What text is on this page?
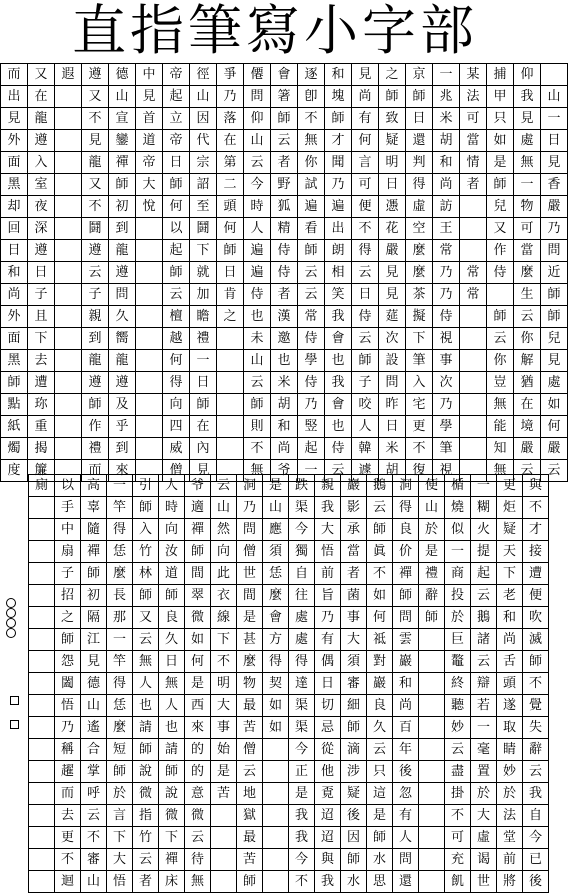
直指筆寫小字部
而	又	遐	遵	德	中	帝	徑	爭	僊	會	逐	和	見	之	京	一	某	捕	仰	
出	在		又	山	見	起	山	乃	問	箸	卽	塊	尚	師	師	兆	法	甲	我	山
見	龍		不	宣	首	立	因	落	仰	師	不	師	有	致	日	米	可	只	見	一
外	遵		見	鑾	道	帝	代	在	山	云	無	才	何	疑	還	胡	當	如	處	日
面	入		龍	禪	帝	日	宗	第	云	者	你	聞	言	明	判	和	情	是	無	見
黑	室		又	師	大	師	詔	二	今	野	試	乃	可	日	得	尚	者	師	一	香
却	夜		不	初	悅	何	至	頭	時	狐	遍	遍	便	慿	虛	訪		兒	物	嚴
回	深		鬪	到		以	鬪	何	人	精	看	出	不	花	空	王		又	可	乃
日	遵		遵	龍		起	下	師	遍	侍	師	朗	得	嚴	麼	常		作	當	問
和	日		云	遵		師	就	日	遍	侍	云	相	云	見	麼	乃	常	侍	麼	近
尚	子		子	問		云	加	肯	侍	者	云	笑	日	見	茶	乃	常		生	師
外	且		親	久		檀	瞻	之	也	漢	常	我	侍	莚	擬	侍		師	云	師
面	下		到	嚮		越	禮		未	邀	侍	會	云	次	下	視		云	你	兒
黑	去		龍	龍		何	一		山	也	學	也	師	設	筆	事		你	解	見
師	遭		遵	遵		得	日		云	米	侍	我	子	問	入	次		豈	猶	處
點	珎		師	及		向	師		師	胡	乃	會	咬	昨	宅	乃		無	在	如
紙	重		作	乎		四	在		則	和	竪	也	人	日	更	學		能	境	何
燭	揭		禮	到		威	內		不	尚	起	侍	韓	米	不	筆		知	嚴	嚴
度	簾		而	來		僧	見		無	爷	一	云	遽	胡	復	視		無	云	云
廁	以	高	一	引	人	爷	云	洞	是	跌	親	巖	鵝	洞	便	楯	一	更	與
	手	辜	竿	師	時	適	山	乃	山	渠	我	影	云	得	山	燒	糊	炬	不
	中	隨	得	入	向	禪	然	問	應	今	大	承	師	良	於	似	火	疑	才
	扇	禪	恁	竹	汝	師	向	僧	須	獨	悟	當	眞	价	是	一	提	天	接
	子	師	麼	林	道	間	此	世	恁	自	前	者	不	禪	禮	商	起	下	遭
	招	初	長	師	師	翠	衣	間	麼	往	旨	菌	如	師	辭	投	云	老	便
	之	隔	那	又	良	微	線	是	會	處	乃	事	何	問	師	於	鵝	和	吹
	師	江	一	云	久	如	下	甚	方	處	有	大	祗	雲		巨	諸	尚	滅
	怨	見	竿	無	日	何	不	麼	得	得	偶	須	對	巖		鼇	云	舌	師
	闔	德	得	人	無	是	明	物	契	達	日	審	巖	和		終	辯	頭	不
	悟	山	恁	也	人	西	大	最	如	渠	切	細	良	尚		聽	若	遂	覺
	乃	遙	麼	請	也	來	事	苦	如	渠	忌	師	久	百		妙	一	取	失
	稱	合	短	師	請	的	始	僧		今	從	滴	云	年		云	毫	睛	辭
	趯	掌	師	說	師	的	是	云		正	他	涉	只	後		盡	置	妙	云
	而	呼	於	微	說	意	苦	地		是	覔	疑	這	忽		掛	於	於	我
	去	云	言	指	微	微		獄		我	迢	後	是	有		不	大	法	自
	更	不	下	竹	下	云		最		我	迢	因	師	人		可	虛	堂	今
	不	審	大	云	禪	待		苦		今	與	師	水	問		充	谒	前	已
	迴	山	悟	者	床	無		師		不	我	水	思	還		飢	世	將	後
